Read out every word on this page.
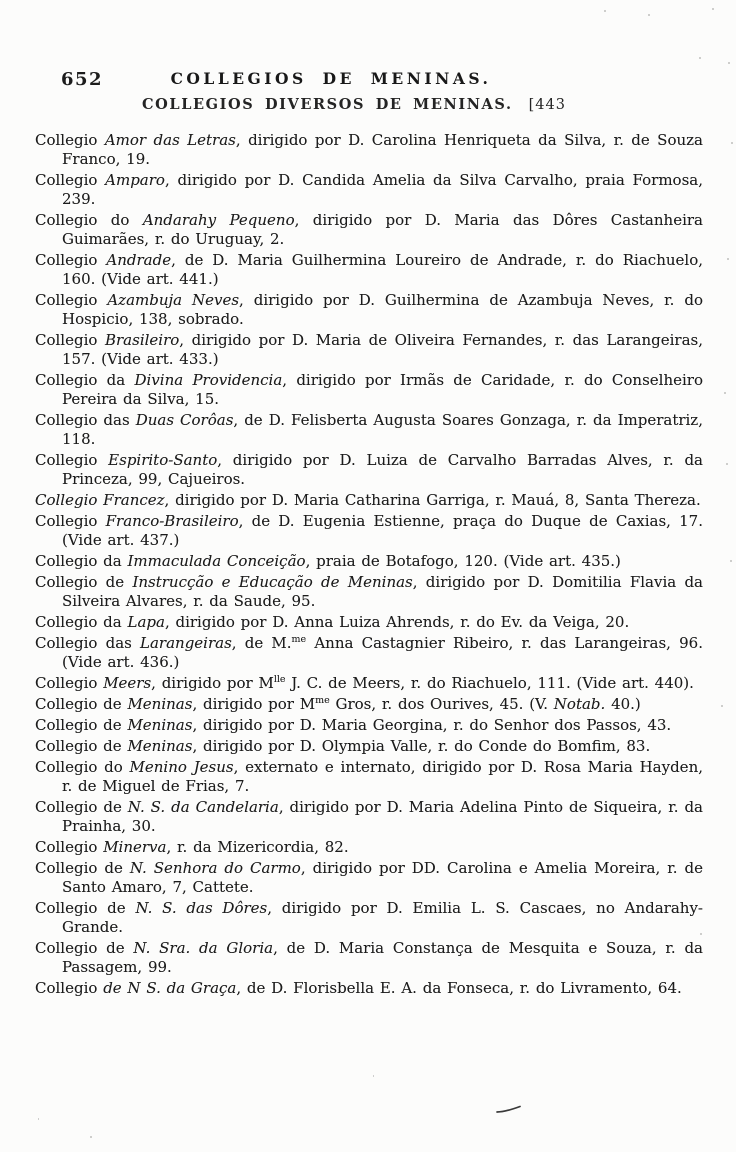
652	COLLEGIOS DE MENINAS.
COLLEGIOS DIVERSOS DE MENINAS. [443

Collegio Amor das Letras, dirigido por D. Carolina Henriqueta da Silva, r. de Souza Franco, 19.

Collegio Amparo, dirigido por D. Candida Amelia da Silva Carvalho, praia Formosa, 239.

Collegio do Andarahy Pequeno, dirigido por D. Maria das Dôres Castanheira Guimarães, r. do Uruguay, 2.

Collegio Andrade, de D. Maria Guilhermina Loureiro de Andrade, r. do Riachuelo, 160. (Vide art. 441.)

Collegio Azambuja Neves, dirigido por D. Guilhermina de Azambuja Neves, r. do Hospicio, 138, sobrado.

Collegio Brasileiro, dirigido por D. Maria de Oliveira Fernandes, r. das Larangeiras, 157. (Vide art. 433.)

Collegio da Divina Providencia, dirigido por Irmãs de Caridade, r. do Conselheiro Pereira da Silva, 15.

Collegio das Duas Corôas, de D. Felisberta Augusta Soares Gonzaga, r. da Imperatriz, 118.

Collegio Espirito-Santo, dirigido por D. Luiza de Carvalho Barradas Alves, r. da Princeza, 99, Cajueiros.

Collegio Francez, dirigido por D. Maria Catharina Garriga, r. Mauá, 8, Santa Thereza.

Collegio Franco-Brasileiro, de D. Eugenia Estienne, praça do Duque de Caxias, 17. (Vide art. 437.)

Collegio da Immaculada Conceição, praia de Botafogo, 120. (Vide art. 435.)

Collegio de Instrucção e Educação de Meninas, dirigido por D. Domitilia Flavia da Silveira Alvares, r. da Saude, 95.

Collegio da Lapa, dirigido por D. Anna Luiza Ahrends, r. do Ev. da Veiga, 20.

Collegio das Larangeiras, de M.$^{me}$ Anna Castagnier Ribeiro, r. das Larangeiras, 96. (Vide art. 436.)

Collegio Meers, dirigido por $M^{lle}$ J. C. de Meers, r. do Riachuelo, 111. (Vide art. 440).

Collegio de Meninas, dirigido por $M^{me}$ Gros, r. dos Ourives, 45. (V. Notab. 40.)

Collegio de Meninas, dirigido por D. Maria Georgina, r. do Senhor dos Passos, 43.

Collegio de Meninas, dirigido por D. Olympia Valle, r. do Conde do Bomfim, 83.

Collegio do Menino Jesus, externato e internato, dirigido por D. Rosa Maria Hayden, r. de Miguel de Frias, 7.

Collegio de N. S. da Candelaria, dirigido por D. Maria Adelina Pinto de Siqueira, r. da Prainha, 30.

Collegio Minerva, r. da Mizericordia, 82.

Collegio de N. Senhora do Carmo, dirigido por DD. Carolina e Amelia Moreira, r. de Santo Amaro, 7, Cattete.

Collegio de N. S. das Dôres, dirigido por D. Emilia L. S. Cascaes, no Andarahy-Grande.

Collegio de N. Sra. da Gloria, de D. Maria Constança de Mesquita e Souza, r. da Passagem, 99.

Collegio de N S. da Graça, de D. Florisbella E. A. da Fonseca, r. do Livramento, 64.
